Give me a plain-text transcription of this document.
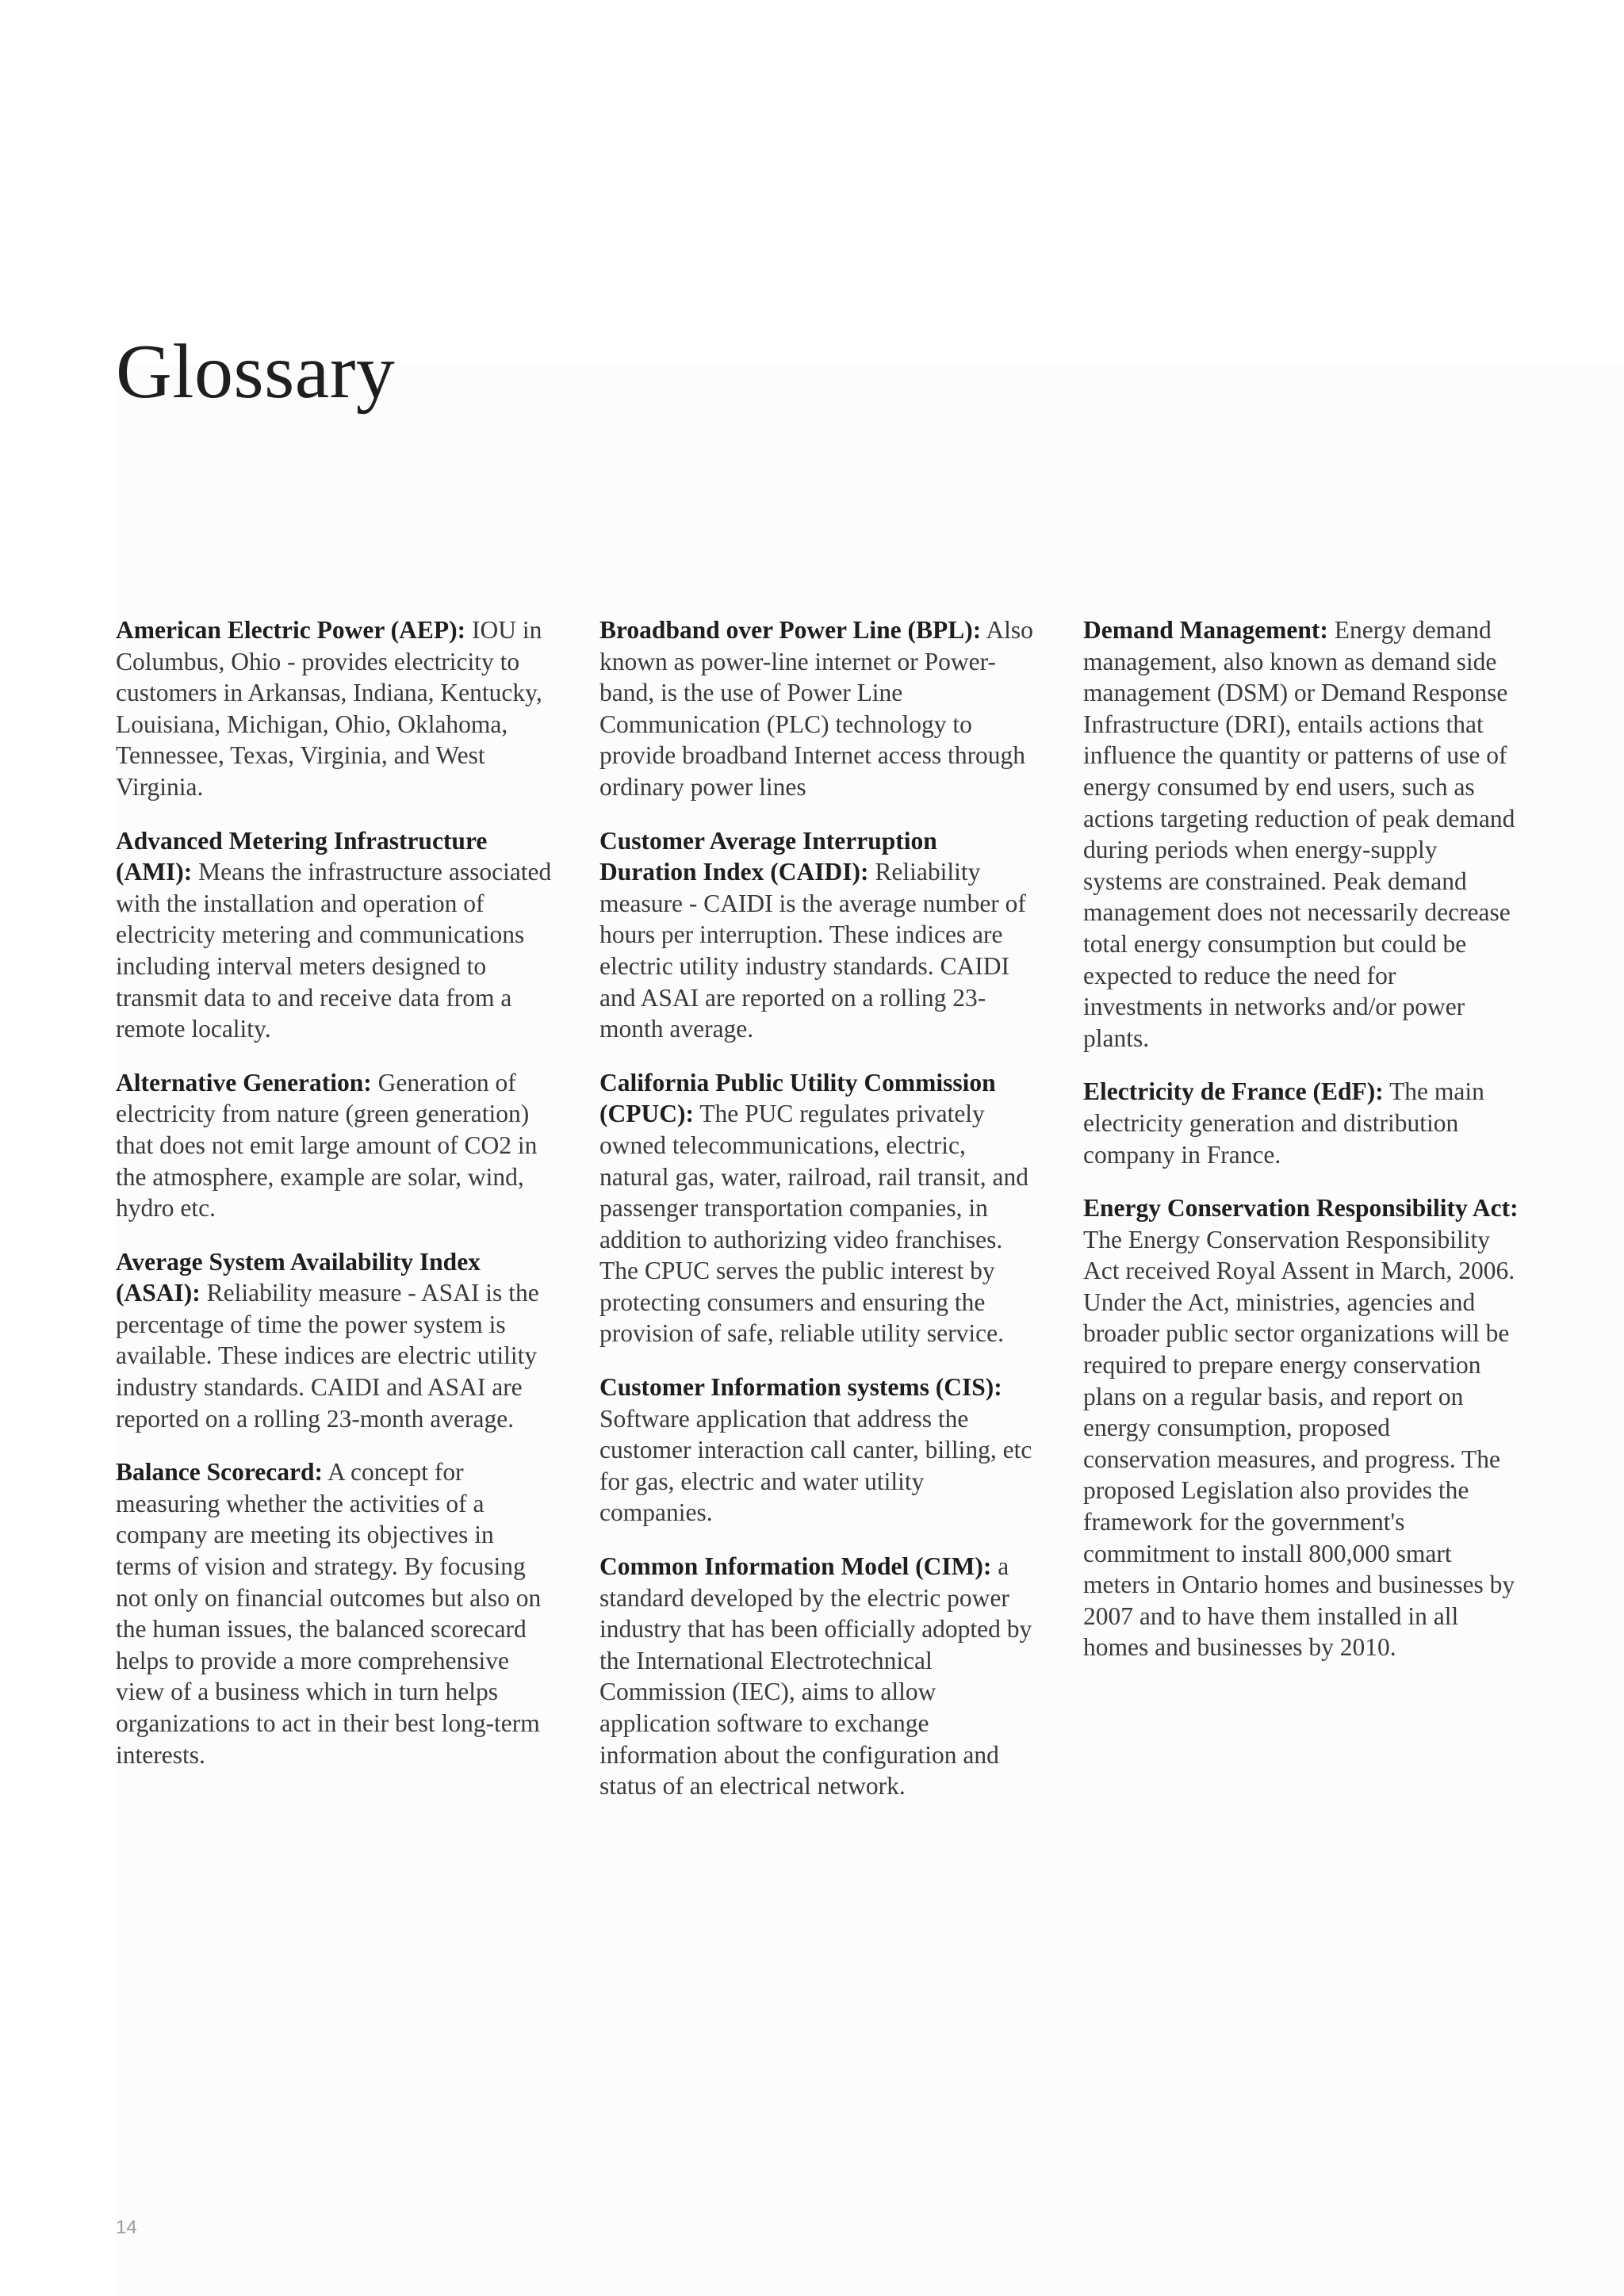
Glossary

American Electric Power (AEP): IOU in Columbus, Ohio - provides electricity to customers in Arkansas, Indiana, Kentucky, Louisiana, Michigan, Ohio, Oklahoma, Tennessee, Texas, Virginia, and West Virginia.

Advanced Metering Infrastructure (AMI): Means the infrastructure associated with the installation and operation of electricity metering and communications including interval meters designed to transmit data to and receive data from a remote locality.

Alternative Generation: Generation of electricity from nature (green generation) that does not emit large amount of CO2 in the atmosphere, example are solar, wind, hydro etc.

Average System Availability Index (ASAI): Reliability measure - ASAI is the percentage of time the power system is available. These indices are electric utility industry standards. CAIDI and ASAI are reported on a rolling 23-month average.

Balance Scorecard: A concept for measuring whether the activities of a company are meeting its objectives in terms of vision and strategy. By focusing not only on financial outcomes but also on the human issues, the balanced scorecard helps to provide a more comprehensive view of a business which in turn helps organizations to act in their best long-term interests.

Broadband over Power Line (BPL): Also known as power-line internet or Power-band, is the use of Power Line Communication (PLC) technology to provide broadband Internet access through ordinary power lines

Customer Average Interruption Duration Index (CAIDI): Reliability measure - CAIDI is the average number of hours per interruption. These indices are electric utility industry standards. CAIDI and ASAI are reported on a rolling 23-month average.

California Public Utility Commission (CPUC): The PUC regulates privately owned telecommunications, electric, natural gas, water, railroad, rail transit, and passenger transportation companies, in addition to authorizing video franchises. The CPUC serves the public interest by protecting consumers and ensuring the provision of safe, reliable utility service.

Customer Information systems (CIS): Software application that address the customer interaction call canter, billing, etc for gas, electric and water utility companies.

Common Information Model (CIM): a standard developed by the electric power industry that has been officially adopted by the International Electrotechnical Commission (IEC), aims to allow application software to exchange information about the configuration and status of an electrical network.

Demand Management: Energy demand management, also known as demand side management (DSM) or Demand Response Infrastructure (DRI), entails actions that influence the quantity or patterns of use of energy consumed by end users, such as actions targeting reduction of peak demand during periods when energy-supply systems are constrained. Peak demand management does not necessarily decrease total energy consumption but could be expected to reduce the need for investments in networks and/or power plants.

Electricity de France (EdF): The main electricity generation and distribution company in France.

Energy Conservation Responsibility Act: The Energy Conservation Responsibility Act received Royal Assent in March, 2006. Under the Act, ministries, agencies and broader public sector organizations will be required to prepare energy conservation plans on a regular basis, and report on energy consumption, proposed conservation measures, and progress. The proposed Legislation also provides the framework for the government's commitment to install 800,000 smart meters in Ontario homes and businesses by 2007 and to have them installed in all homes and businesses by 2010.

14
